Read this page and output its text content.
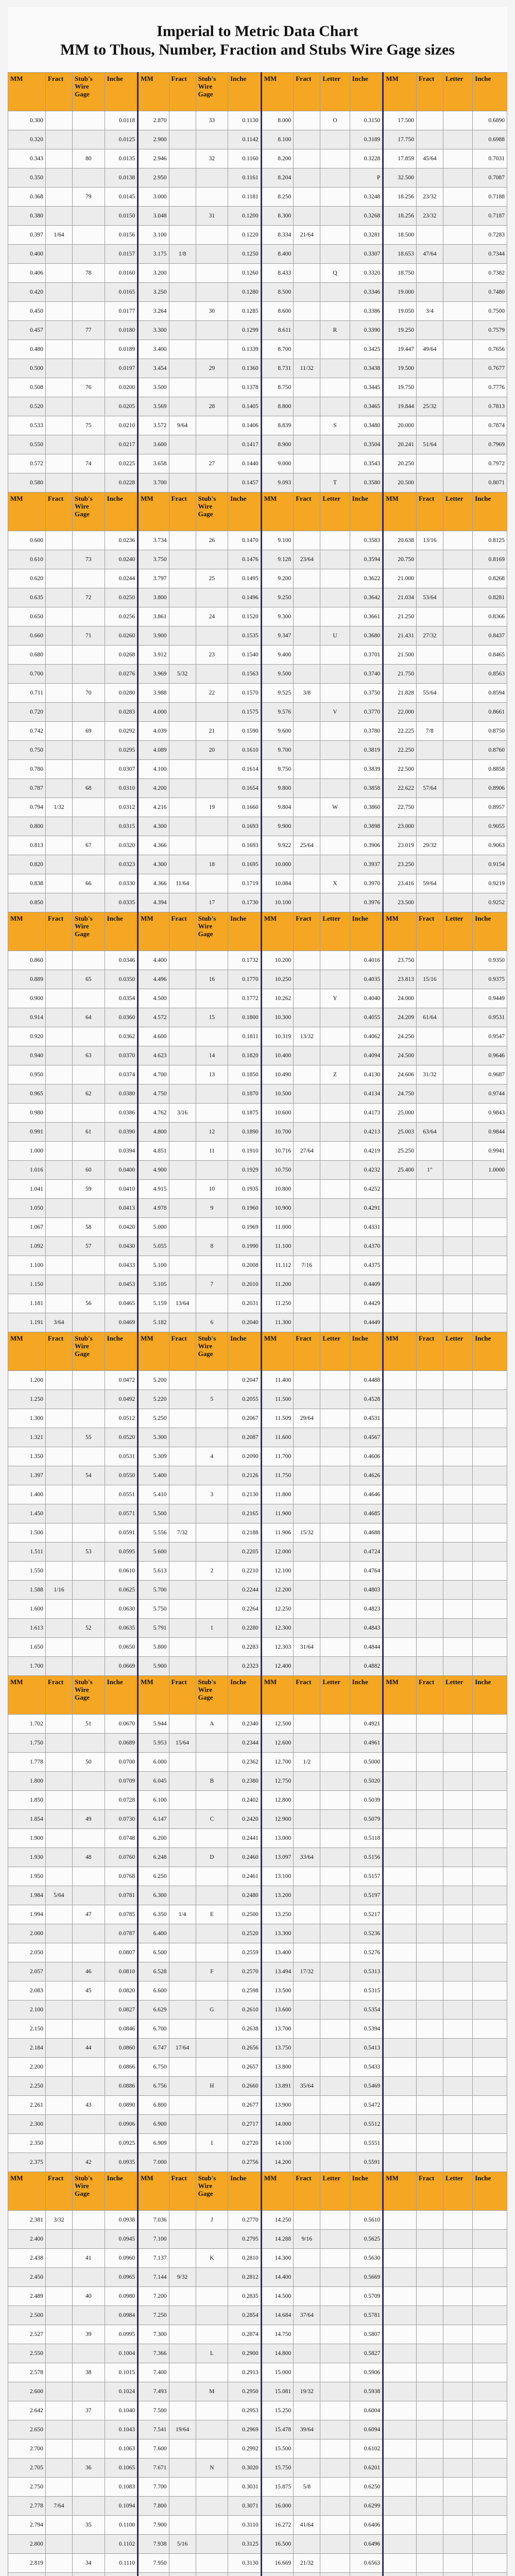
Imperial to Metric Data Chart
MM to Thous, Number, Fraction and Stubs Wire Gage sizes
MM	Fract	Stub's Wire Gage	Inche	MM	Fract	Stub's Wire Gage	Inche	MM	Fract	Letter	Inche	MM	Fract	Letter	Inche
0.300			0.0118	2.870		33	0.1130	8.000		O	0.3150	17.500			0.6890
0.320			0.0125	2.900			0.1142	8.100			0.3189	17.750			0.6988
0.343		80	0.0135	2.946		32	0.1160	8.200			0.3228	17.859	45/64		0.7031
0.350			0.0138	2.950			0.1161	8.204			P	32.500			0.7087
0.368		79	0.0145	3.000			0.1181	8.250			0.3248	18.256	23/32		0.7188
0.380			0.0150	3.048		31	0.1200	8.300			0.3268	18.256	23/32		0.7187
0.397	1/64		0.0156	3.100			0.1220	8.334	21/64		0.3281	18.500			0.7283
0.400			0.0157	3.175	1/8		0.1250	8.400			0.3307	18.653	47/64		0.7344
0.406		78	0.0160	3.200			0.1260	8.433		Q	0.3320	18.750			0.7382
0.420			0.0165	3.250			0.1280	8.500			0.3346	19.000			0.7480
0.450			0.0177	3.264		30	0.1285	8.600			0.3386	19.050	3/4		0.7500
0.457		77	0.0180	3.300			0.1299	8.611		R	0.3390	19.250			0.7579
0.480			0.0189	3.400			0.1339	8.700			0.3425	19.447	49/64		0.7656
0.500			0.0197	3.454		29	0.1360	8.731	11/32		0.3438	19.500			0.7677
0.508		76	0.0200	3.500			0.1378	8.750			0.3445	19.750			0.7776
0.520			0.0205	3.569		28	0.1405	8.800			0.3465	19.844	25/32		0.7813
0.533		75	0.0210	3.572	9/64		0.1406	8.839		S	0.3480	20.000			0.7874
0.550			0.0217	3.600			0.1417	8.900			0.3504	20.241	51/64		0.7969
0.572		74	0.0225	3.658		27	0.1440	9.000			0.3543	20.250			0.7972
0.580			0.0228	3.700			0.1457	9.093		T	0.3580	20.500			0.8071
MM	Fract	Stub's Wire Gage	Inche	MM	Fract	Stub's Wire Gage	Inche	MM	Fract	Letter	Inche	MM	Fract	Letter	Inche
0.600			0.0236	3.734		26	0.1470	9.100			0.3583	20.638	13/16		0.8125
0.610		73	0.0240	3.750			0.1476	9.128	23/64		0.3594	20.750			0.8169
0.620			0.0244	3.797		25	0.1495	9.200			0.3622	21.000			0.8268
0.635		72	0.0250	3.800			0.1496	9.250			0.3642	21.034	53/64		0.8281
0.650			0.0256	3.861		24	0.1520	9.300			0.3661	21.250			0.8366
0.660		71	0.0260	3.900			0.1535	9.347		U	0.3680	21.431	27/32		0.8437
0.680			0.0268	3.912		23	0.1540	9.400			0.3701	21.500			0.8465
0.700			0.0276	3.969	5/32		0.1563	9.500			0.3740	21.750			0.8563
0.711		70	0.0280	3.988		22	0.1570	9.525	3/8		0.3750	21.828	55/64		0.8594
0.720			0.0283	4.000			0.1575	9.576		V	0.3770	22.000			0.8661
0.742		69	0.0292	4.039		21	0.1590	9.600			0.3780	22.225	7/8		0.8750
0.750			0.0295	4.089		20	0.1610	9.700			0.3819	22.250			0.8760
0.780			0.0307	4.100			0.1614	9.750			0.3839	22.500			0.8858
0.787		68	0.0310	4.200			0.1654	9.800			0.3858	22.622	57/64		0.8906
0.794	1/32		0.0312	4.216		19	0.1660	9.804		W	0.3860	22.750			0.8957
0.800			0.0315	4.300			0.1693	9.900			0.3898	23.000			0.9055
0.813		67	0.0320	4.366			0.1693	9.922	25/64		0.3906	23.019	29/32		0.9063
0.820			0.0323	4.300		18	0.1695	10.000			0.3937	23.250			0.9154
0.838		66	0.0330	4.366	11/64		0.1719	10.084		X	0.3970	23.416	59/64		0.9219
0.850			0.0335	4.394		17	0.1730	10.100			0.3976	23.500			0.9252
MM	Fract	Stub's Wire Gage	Inche	MM	Fract	Stub's Wire Gage	Inche	MM	Fract	Letter	Inche	MM	Fract	Letter	Inche
0.860			0.0346	4.400			0.1732	10.200			0.4016	23.750			0.9350
0.889		65	0.0350	4.496		16	0.1770	10.250			0.4035	23.813	15/16		0.9375
0.900			0.0354	4.500			0.1772	10.262		Y	0.4040	24.000			0.9449
0.914		64	0.0360	4.572		15	0.1800	10.300			0.4055	24.209	61/64		0.9531
0.920			0.0362	4.600			0.1811	10.319	13/32		0.4062	24.250			0.9547
0.940		63	0.0370	4.623		14	0.1820	10.400			0.4094	24.500			0.9646
0.950			0.0374	4.700		13	0.1850	10.490		Z	0.4130	24.606	31/32		0.9687
0.965		62	0.0380	4.750			0.1870	10.500			0.4134	24.750			0.9744
0.980			0.0386	4.762	3/16		0.1875	10.600			0.4173	25.000			0.9843
0.991		61	0.0390	4.800		12	0.1890	10.700			0.4213	25.003	63/64		0.9844
1.000			0.0394	4.851		11	0.1910	10.716	27/64		0.4219	25.250			0.9941
1.016		60	0.0400	4.900			0.1929	10.750			0.4232	25.400	1"		1.0000
1.041		59	0.0410	4.915		10	0.1935	10.800			0.4252				
1.050			0.0413	4.978		9	0.1960	10.900			0.4291				
1.067		58	0.0420	5.000			0.1969	11.000			0.4331				
1.092		57	0.0430	5.055		8	0.1990	11.100			0.4370				
1.100			0.0433	5.100			0.2008	11.112	7/16		0.4375				
1.150			0.0453	5.105		7	0.2010	11.200			0.4409				
1.181		56	0.0465	5.159	13/64		0.2031	11.250			0.4429				
1.191	3/64		0.0469	5.182		6	0.2040	11.300			0.4449				
MM	Fract	Stub's Wire Gage	Inche	MM	Fract	Stub's Wire Gage	Inche	MM	Fract	Letter	Inche	MM	Fract	Letter	Inche
1.200			0.0472	5.200			0.2047	11.400			0.4488				
1.250			0.0492	5.220		5	0.2055	11.500			0.4528				
1.300			0.0512	5.250			0.2067	11.509	29/64		0.4531				
1.321		55	0.0520	5.300			0.2087	11.600			0.4567				
1.350			0.0531	5.309		4	0.2090	11.700			0.4606				
1.397		54	0.0550	5.400			0.2126	11.750			0.4626				
1.400			0.0551	5.410		3	0.2130	11.800			0.4646				
1.450			0.0571	5.500			0.2165	11.900			0.4685				
1.500			0.0591	5.556	7/32		0.2188	11.906	15/32		0.4688				
1.511		53	0.0595	5.600			0.2205	12.000			0.4724				
1.550			0.0610	5.613		2	0.2210	12.100			0.4764				
1.588	1/16		0.0625	5.700			0.2244	12.200			0.4803				
1.600			0.0630	5.750			0.2264	12.250			0.4823				
1.613		52	0.0635	5.791		1	0.2280	12.300			0.4843				
1.650			0.0650	5.800			0.2283	12.303	31/64		0.4844				
1.700			0.0669	5.900			0.2323	12.400			0.4882				
MM	Fract	Stub's Wire Gage	Inche	MM	Fract	Stub's Wire Gage	Inche	MM	Fract	Letter	Inche	MM	Fract	Letter	Inche
1.702		51	0.0670	5.944		A	0.2340	12.500			0.4921				
1.750			0.0689	5.953	15/64		0.2344	12.600			0.4961				
1.778		50	0.0700	6.000			0.2362	12.700	1/2		0.5000				
1.800			0.0709	6.045		B	0.2380	12.750			0.5020				
1.850			0.0728	6.100			0.2402	12.800			0.5039				
1.854		49	0.0730	6.147		C	0.2420	12.900			0.5079				
1.900			0.0748	6.200			0.2441	13.000			0.5118				
1.930		48	0.0760	6.248		D	0.2460	13.097	33/64		0.5156				
1.950			0.0768	6.250			0.2461	13.100			0.5157				
1.984	5/64		0.0781	6.300			0.2480	13.200			0.5197				
1.994		47	0.0785	6.350	1/4	E	0.2500	13.250			0.5217				
2.000			0.0787	6.400			0.2520	13.300			0.5236				
2.050			0.0807	6.500			0.2559	13.400			0.5276				
2.057		46	0.0810	6.528		F	0.2570	13.494	17/32		0.5313				
2.083		45	0.0820	6.600			0.2598	13.500			0.5315				
2.100			0.0827	6.629		G	0.2610	13.600			0.5354				
2.150			0.0846	6.700			0.2638	13.700			0.5394				
2.184		44	0.0860	6.747	17/64		0.2656	13.750			0.5413				
2.200			0.0866	6.750			0.2657	13.800			0.5433				
2.250			0.0886	6.756		H	0.2660	13.891	35/64		0.5469				
2.261		43	0.0890	6.800			0.2677	13.900			0.5472				
2.300			0.0906	6.900			0.2717	14.000			0.5512				
2.350			0.0925	6.909		I	0.2720	14.100			0.5551				
2.375		42	0.0935	7.000			0.2756	14.200			0.5591				
MM	Fract	Stub's Wire Gage	Inche	MM	Fract	Stub's Wire Gage	Inche	MM	Fract	Letter	Inche	MM	Fract	Letter	Inche
2.381	3/32		0.0938	7.036		J	0.2770	14.250			0.5610				
2.400			0.0945	7.100			0.2795	14.288	9/16		0.5625				
2.438		41	0.0960	7.137		K	0.2810	14.300			0.5630				
2.450			0.0965	7.144	9/32		0.2812	14.400			0.5669				
2.489		40	0.0980	7.200			0.2835	14.500			0.5709				
2.500			0.0984	7.250			0.2854	14.684	37/64		0.5781				
2.527		39	0.0995	7.300			0.2874	14.750			0.5807				
2.550			0.1004	7.366		L	0.2900	14.800			0.5827				
2.578		38	0.1015	7.400			0.2913	15.000			0.5906				
2.600			0.1024	7.493		M	0.2950	15.081	19/32		0.5938				
2.642		37	0.1040	7.500			0.2953	15.250			0.6004				
2.650			0.1043	7.541	19/64		0.2969	15.478	39/64		0.6094				
2.700			0.1063	7.600			0.2992	15.500			0.6102				
2.705		36	0.1065	7.671		N	0.3020	15.750			0.6201				
2.750			0.1083	7.700			0.3031	15.875	5/8		0.6250				
2.778	7/64		0.1094	7.800			0.3071	16.000			0.6299				
2.794		35	0.1100	7.900			0.3110	16.272	41/64		0.6406				
2.800			0.1102	7.938	5/16		0.3125	16.500			0.6496				
2.819		34	0.1110	7.950			0.3130	16.669	21/32		0.6563				
